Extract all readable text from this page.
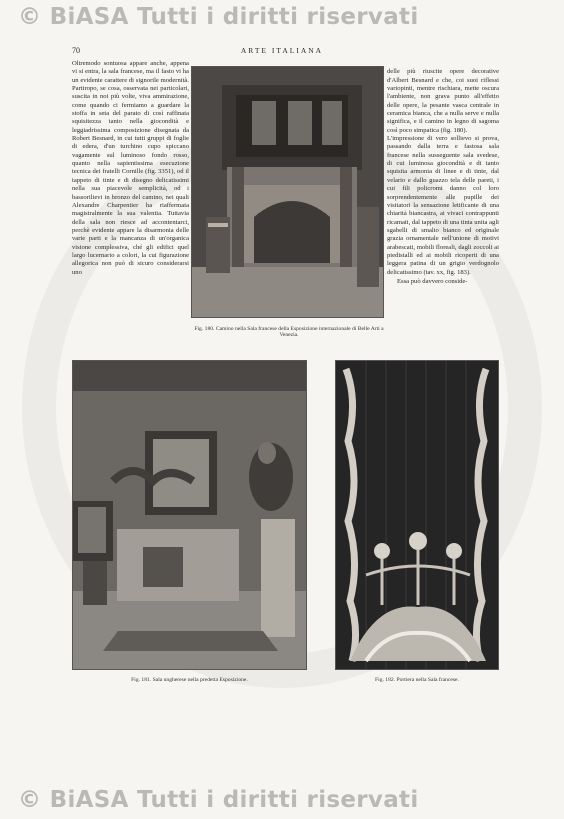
© BiASA Tutti i diritti riservati
70	ARTE ITALIANA
Oltremodo sontuosa appare anche, appena vi si entra, la sala francese, ma il fasto vi ha un evidente carattere di signorile modernità. Partiropo, se cosa, osservata nei particolari, suscita in noi più volte, viva ammirazione, come quando ci fermiamo a guardare la stoffa in seta del parato di così raffinata squisitezza tanto nella giocondità e leggiadrissima composizione disegnata da Robert Besnard, in cui tutti gruppi di foglie di edera, d'un turchino cupo spiccano vagamente sul luminoso fondo rosso, quanto nella sapientissima esecuzione tecnica dei fratelli Cornille (fig. 3351), od il tappeto di tinte e di disegno delicatissimi nella sua piacevole semplicità, od i bassorilievi in bronzo del camino, nei quali Alexandre Charpentier ha riaffermata magistralmente la sua valentia. Tuttavia della sala non riesce ad accontentarci, perchè evidente appare la disarmonia delle varie parti e la mancanza di un'organica visione complessiva, ché gli edifici quel largo lucernario a colori, la cui figurazione allegorica non può di sicuro considerarsi uno

delle più riuscite opere decorative d'Albert Besnard e che, coi suoi riflessi variopinti, mentre rischiara, mette oscura l'ambiente, non grava punto all'effetto delle opere, la pesante vasca centrale in ceramica bianca, che a nulla serve e nulla significa, e il camino in legno di sagoma così poco simpatica (fig. 180).
L'impressione di vero sollievo si prova, passando dalla terra e fastosa sala francese nella susseguente sala svedese, di cui luminosa giocondità e di tanto squisita armonia di linee e di tinte, dal velario e dallo guazzo tela delle pareti, i cui fili policromi danno col loro sorprendentemente alle pupille dei visitatori la sensazione letificante di una chiarità biancastra, ai vivaci contrappunti ricamati, dal tappeto di una tinta unita agli sgabelli di smalto bianco ed originale grazia ornamentale nell'unione di motivi arabescati, mobili floreali, dagli zoccoli ai piedistalli ed ai mobili ricoperti di una leggera patina di un grigio verdognolo delicatissimo (tav. xx, fig. 183).

Essa può davvero conside-

Fig. 180. Camino nella Sala francese della Esposizione internazionale di Belle Arti a Venezia.
Fig. 181. Sala ungherese nella predetta Esposizione.	Fig. 182. Portiera nella Sala francese.
© BiASA Tutti i diritti riservati
